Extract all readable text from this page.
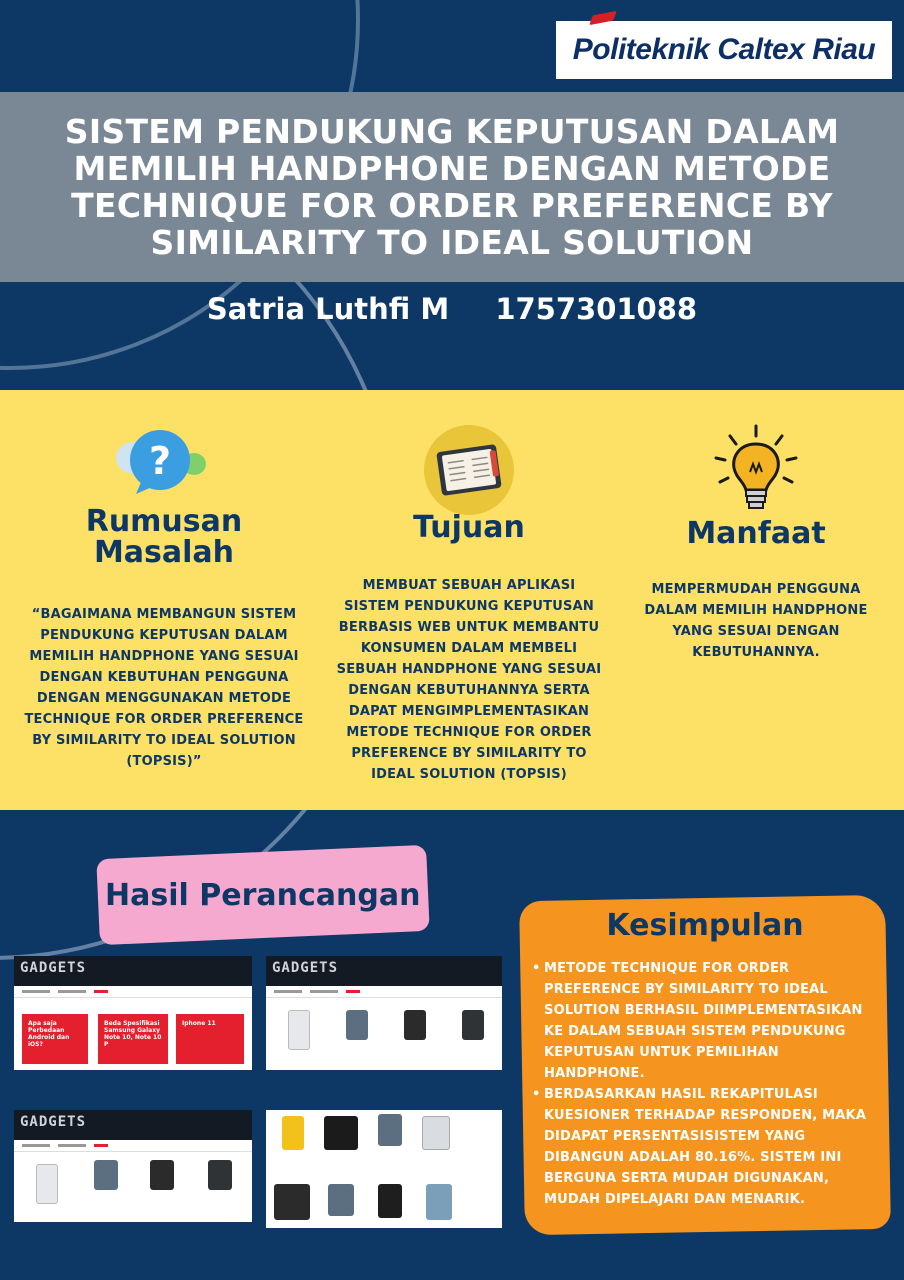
Politeknik Caltex Riau
SISTEM PENDUKUNG KEPUTUSAN DALAM MEMILIH HANDPHONE DENGAN METODE TECHNIQUE FOR ORDER PREFERENCE BY SIMILARITY TO IDEAL SOLUTION
Satria Luthfi M 1757301088
?
Rumusan
Masalah

“BAGAIMANA MEMBANGUN SISTEM PENDUKUNG KEPUTUSAN DALAM MEMILIH HANDPHONE YANG SESUAI DENGAN KEBUTUHAN PENGGUNA DENGAN MENGGUNAKAN METODE TECHNIQUE FOR ORDER PREFERENCE BY SIMILARITY TO IDEAL SOLUTION (TOPSIS)”

Tujuan

MEMBUAT SEBUAH APLIKASI SISTEM PENDUKUNG KEPUTUSAN BERBASIS WEB UNTUK MEMBANTU KONSUMEN DALAM MEMBELI SEBUAH HANDPHONE YANG SESUAI DENGAN KEBUTUHANNYA SERTA DAPAT MENGIMPLEMENTASIKAN METODE TECHNIQUE FOR ORDER PREFERENCE BY SIMILARITY TO IDEAL SOLUTION (TOPSIS)

Manfaat

MEMPERMUDAH PENGGUNA DALAM MEMILIH HANDPHONE YANG SESUAI DENGAN KEBUTUHANNYA.

Hasil Perancangan
GADGETS
Apa saja Perbedaan Android dan iOS?
Beda Spesifikasi Samsung Galaxy Note 10, Note 10 P
Iphone 11
GADGETS
GADGETS
Kesimpulan
• METODE TECHNIQUE FOR ORDER PREFERENCE BY SIMILARITY TO IDEAL SOLUTION BERHASIL DIIMPLEMENTASIKAN KE DALAM SEBUAH SISTEM PENDUKUNG KEPUTUSAN UNTUK PEMILIHAN HANDPHONE.
• BERDASARKAN HASIL REKAPITULASI KUESIONER TERHADAP RESPONDEN, MAKA DIDAPAT PERSENTASISISTEM YANG DIBANGUN ADALAH 80.16%. SISTEM INI BERGUNA SERTA MUDAH DIGUNAKAN, MUDAH DIPELAJARI DAN MENARIK.
